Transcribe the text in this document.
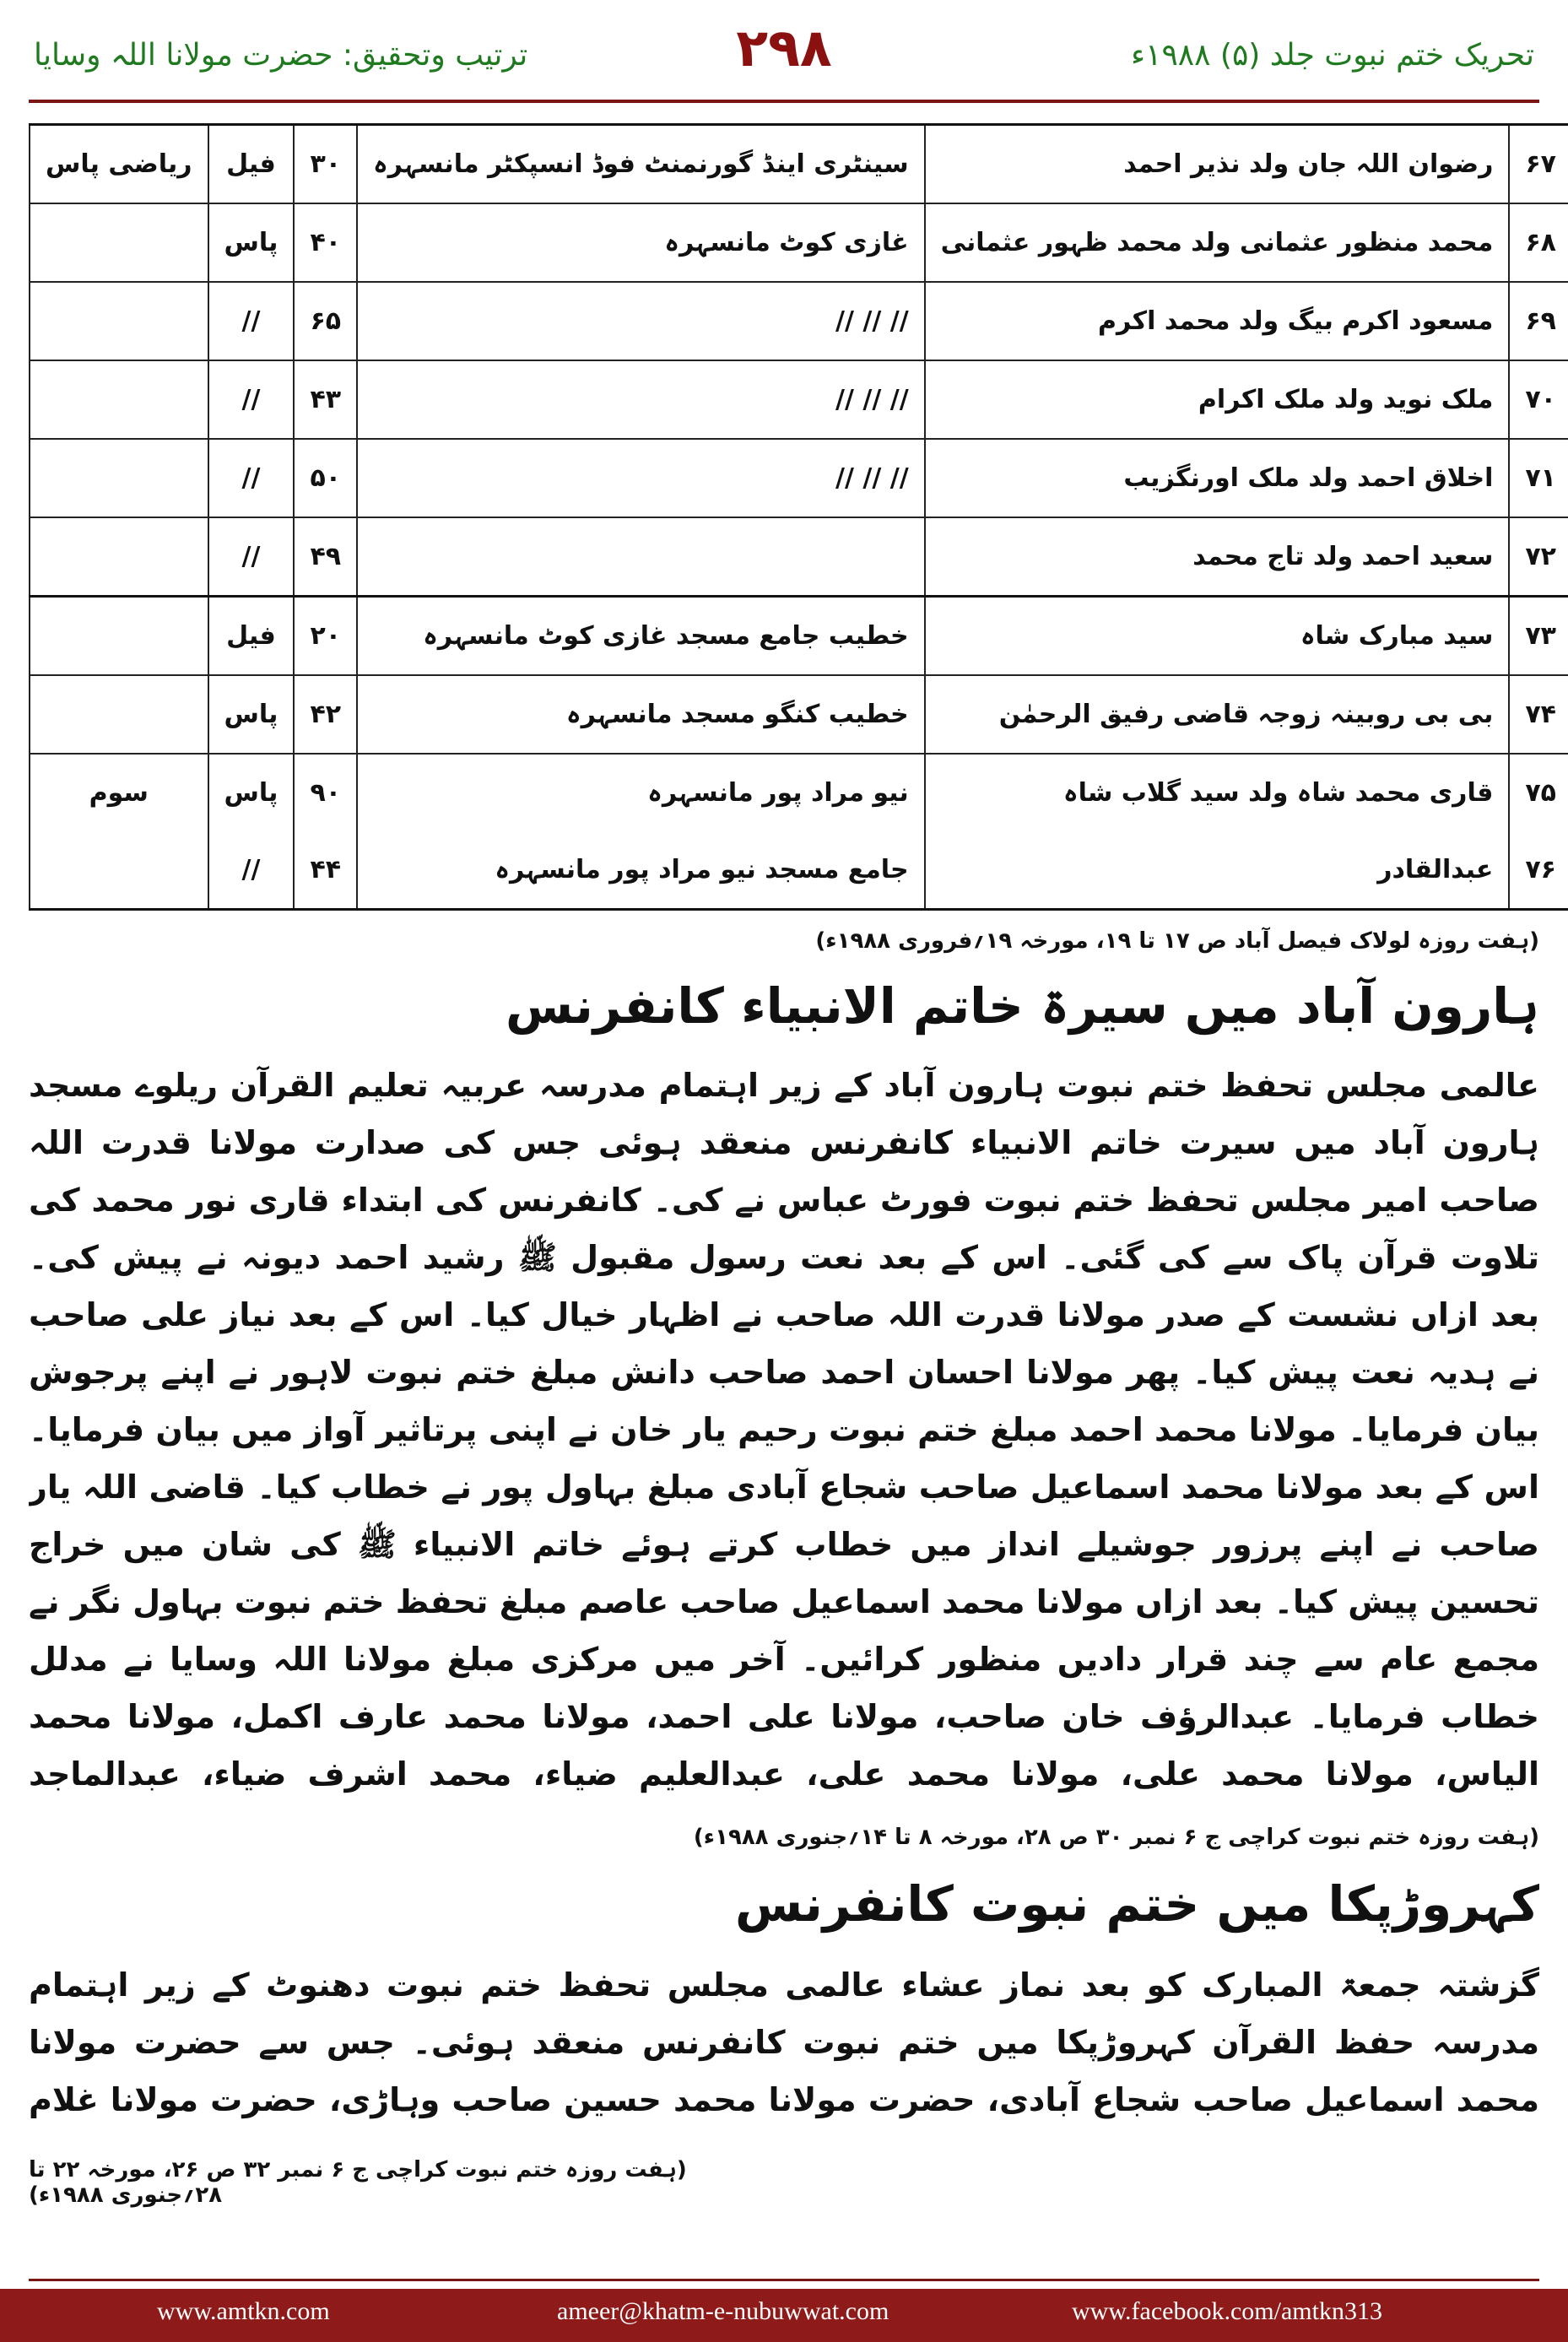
ترتیب وتحقیق: حضرت مولانا اللہ وسایا	۲۹۸	تحریک ختم نبوت جلد (۵) ۱۹۸۸ء
۶۷	رضوان اللہ جان ولد نذیر احمد	سینٹری اینڈ گورنمنٹ فوڈ انسپکٹر مانسہرہ	۳۰	فیل	ریاضی پاس
۶۸	محمد منظور عثمانی ولد محمد ظہور عثمانی	غازی کوٹ مانسہرہ	۴۰	پاس	
۶۹	مسعود اکرم بیگ ولد محمد اکرم	// // //	۶۵	//	
۷۰	ملک نوید ولد ملک اکرام	// // //	۴۳	//	
۷۱	اخلاق احمد ولد ملک اورنگزیب	// // //	۵۰	//	
۷۲	سعید احمد ولد تاج محمد		۴۹	//	
۷۳	سید مبارک شاہ	خطیب جامع مسجد غازی کوٹ مانسہرہ	۲۰	فیل	
۷۴	بی بی روبینہ زوجہ قاضی رفیق الرحمٰن	خطیب کنگو مسجد مانسہرہ	۴۲	پاس	
۷۵	قاری محمد شاہ ولد سید گلاب شاہ	نیو مراد پور مانسہرہ	۹۰	پاس	سوم
۷۶	عبدالقادر	جامع مسجد نیو مراد پور مانسہرہ	۴۴	//	
(ہفت روزہ لولاک فیصل آباد ص ۱۷ تا ۱۹، مورخہ ۱۹؍فروری ۱۹۸۸ء)
ہارون آباد میں سیرۃ خاتم الانبیاء کانفرنس
عالمی مجلس تحفظ ختم نبوت ہارون آباد کے زیر اہتمام مدرسہ عربیہ تعلیم القرآن ریلوے مسجد ہارون آباد میں سیرت خاتم الانبیاء کانفرنس منعقد ہوئی جس کی صدارت مولانا قدرت اللہ صاحب امیر مجلس تحفظ ختم نبوت فورٹ عباس نے کی۔ کانفرنس کی ابتداء قاری نور محمد کی تلاوت قرآن پاک سے کی گئی۔ اس کے بعد نعت رسول مقبول ﷺ رشید احمد دیونہ نے پیش کی۔ بعد ازاں نشست کے صدر مولانا قدرت اللہ صاحب نے اظہار خیال کیا۔ اس کے بعد نیاز علی صاحب نے ہدیہ نعت پیش کیا۔ پھر مولانا احسان احمد صاحب دانش مبلغ ختم نبوت لاہور نے اپنے پرجوش بیان فرمایا۔ مولانا محمد احمد مبلغ ختم نبوت رحیم یار خان نے اپنی پرتاثیر آواز میں بیان فرمایا۔ اس کے بعد مولانا محمد اسماعیل صاحب شجاع آبادی مبلغ بہاول پور نے خطاب کیا۔ قاضی اللہ یار صاحب نے اپنے پرزور جوشیلے انداز میں خطاب کرتے ہوئے خاتم الانبیاء ﷺ کی شان میں خراج تحسین پیش کیا۔ بعد ازاں مولانا محمد اسماعیل صاحب عاصم مبلغ تحفظ ختم نبوت بہاول نگر نے مجمع عام سے چند قرار دادیں منظور کرائیں۔ آخر میں مرکزی مبلغ مولانا اللہ وسایا نے مدلل خطاب فرمایا۔ عبدالرؤف خان صاحب، مولانا علی احمد، مولانا محمد عارف اکمل، مولانا محمد الیاس، مولانا محمد علی، مولانا محمد علی، عبدالعلیم ضیاء، محمد اشرف ضیاء، عبدالماجد
(ہفت روزہ ختم نبوت کراچی ج ۶ نمبر ۳۰ ص ۲۸، مورخہ ۸ تا ۱۴؍جنوری ۱۹۸۸ء)
کہروڑپکا میں ختم نبوت کانفرنس
گزشتہ جمعۃ المبارک کو بعد نماز عشاء عالمی مجلس تحفظ ختم نبوت دھنوٹ کے زیر اہتمام مدرسہ حفظ القرآن کہروڑپکا میں ختم نبوت کانفرنس منعقد ہوئی۔ جس سے حضرت مولانا محمد اسماعیل صاحب شجاع آبادی، حضرت مولانا محمد حسین صاحب وہاڑی، حضرت مولانا غلام
(ہفت روزہ ختم نبوت کراچی ج ۶ نمبر ۳۲ ص ۲۶، مورخہ ۲۲ تا ۲۸؍جنوری ۱۹۸۸ء)
www.amtkn.com	ameer@khatm-e-nubuwwat.com	www.facebook.com/amtkn313
